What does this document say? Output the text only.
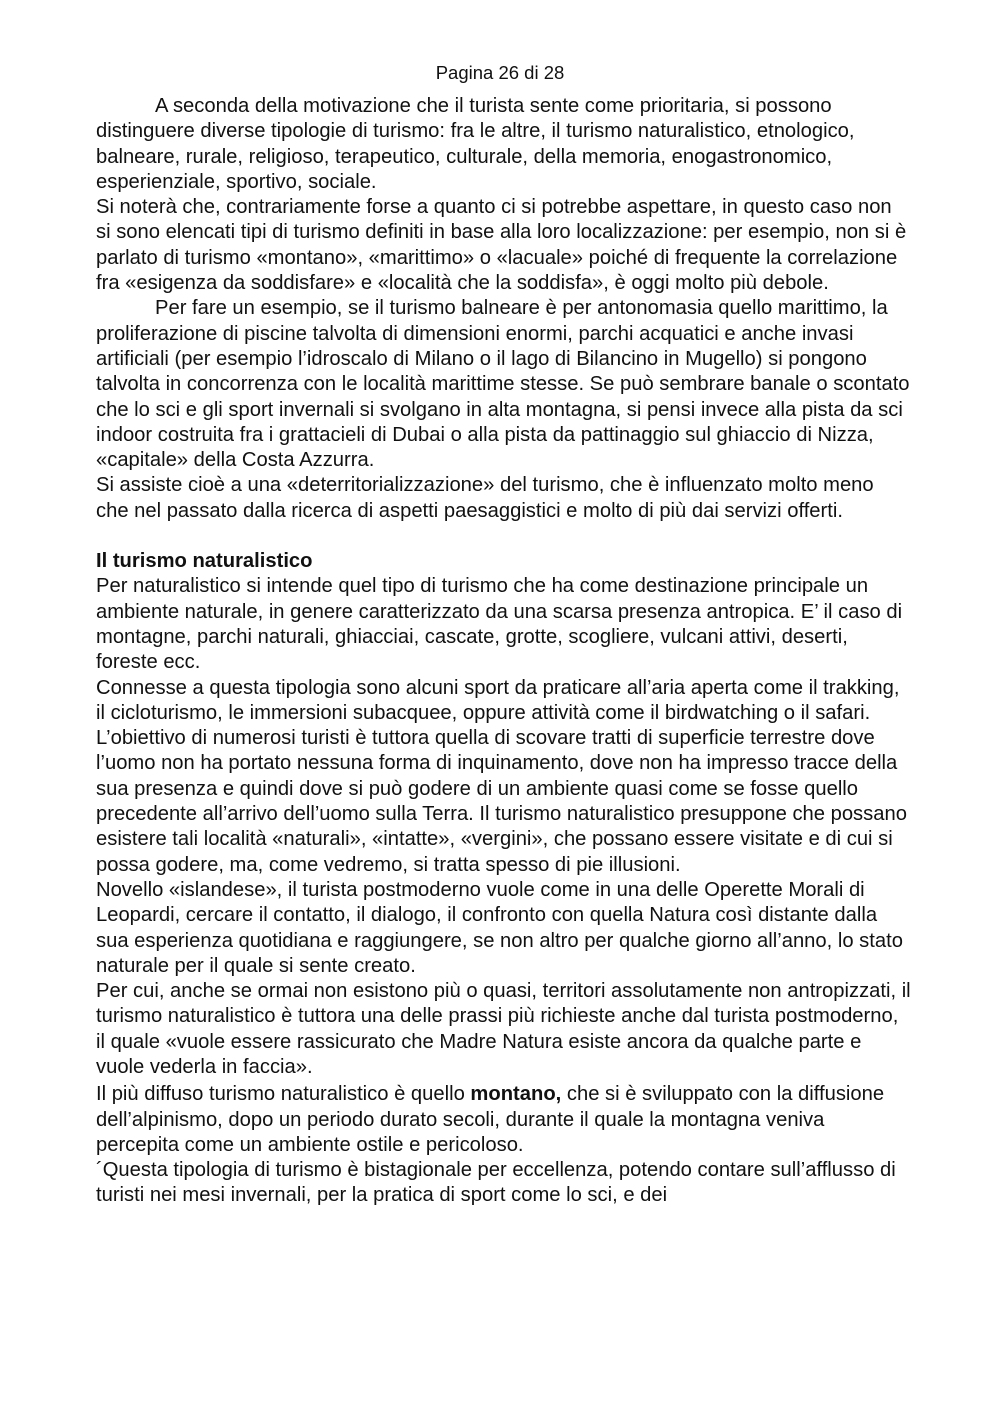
Pagina 26 di 28

A seconda della motivazione che il turista sente come prioritaria, si possono distinguere diverse tipologie di turismo: fra le altre, il turismo naturalistico, etnologico, balneare, rurale, religioso, terapeutico, culturale, della memoria, enogastronomico, esperienziale, sportivo, sociale.

Si noterà che, contrariamente forse a quanto ci si potrebbe aspettare, in questo caso non si sono elencati tipi di turismo definiti in base alla loro localizzazione: per esempio, non si è parlato di turismo «montano», «marittimo» o «lacuale» poiché di frequente la correlazione fra «esigenza da soddisfare» e «località che la soddisfa», è oggi molto più debole.

Per fare un esempio, se il turismo balneare è per antonomasia quello marittimo, la proliferazione di piscine talvolta di dimensioni enormi, parchi acquatici e anche invasi artificiali (per esempio l’idroscalo di Milano o il lago di Bilancino in Mugello) si pongono talvolta in concorrenza con le località marittime stesse. Se può sembrare banale o scontato che lo sci e gli sport invernali si svolgano in alta montagna, si pensi invece alla pista da sci indoor costruita fra i grattacieli di Dubai o alla pista da pattinaggio sul ghiaccio di Nizza, «capitale» della Costa Azzurra.

Si assiste cioè a una «deterritorializzazione» del turismo, che è influenzato molto meno che nel passato dalla ricerca di aspetti paesaggistici e molto di più dai servizi offerti.

Il turismo naturalistico

Per naturalistico si intende quel tipo di turismo che ha come destinazione principale un ambiente naturale, in genere caratterizzato da una scarsa presenza antropica. E’ il caso di montagne, parchi naturali, ghiacciai, cascate, grotte, scogliere, vulcani attivi, deserti, foreste ecc.

Connesse a questa tipologia sono alcuni sport da praticare all’aria aperta come il trakking, il cicloturismo, le immersioni subacquee, oppure attività come il birdwatching o il safari.

L’obiettivo di numerosi turisti è tuttora quella di scovare tratti di superficie terrestre dove l’uomo non ha portato nessuna forma di inquinamento, dove non ha impresso tracce della sua presenza e quindi dove si può godere di un ambiente quasi come se fosse quello precedente all’arrivo dell’uomo sulla Terra. Il turismo naturalistico presuppone che possano esistere tali località «naturali», «intatte», «vergini», che possano essere visitate e di cui si possa godere, ma, come vedremo, si tratta spesso di pie illusioni.

Novello «islandese», il turista postmoderno vuole come in una delle Operette Morali di Leopardi, cercare il contatto, il dialogo, il confronto con quella Natura così distante dalla sua esperienza quotidiana e raggiungere, se non altro per qualche giorno all’anno, lo stato naturale per il quale si sente creato.

Per cui, anche se ormai non esistono più o quasi, territori assolutamente non antropizzati, il turismo naturalistico è tuttora una delle prassi più richieste anche dal turista postmoderno, il quale «vuole essere rassicurato che Madre Natura esiste ancora da qualche parte e vuole vederla in faccia».

Il più diffuso turismo naturalistico è quello montano, che si è sviluppato con la diffusione dell’alpinismo, dopo un periodo durato secoli, durante il quale la montagna veniva percepita come un ambiente ostile e pericoloso.

´Questa tipologia di turismo è bistagionale per eccellenza, potendo contare sull’afflusso di turisti nei mesi invernali, per la pratica di sport come lo sci, e dei
